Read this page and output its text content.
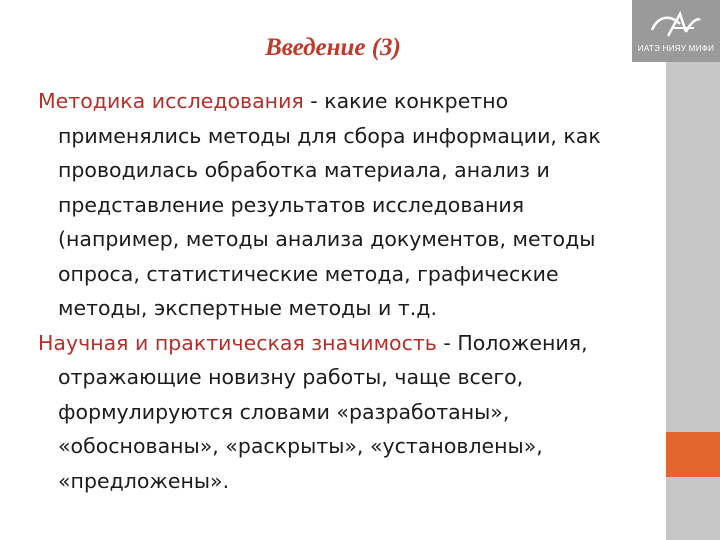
ИАТЭ НИЯУ МИФИ
Введение (3)

Методика исследования - какие конкретно применялись методы для сбора информации, как проводилась обработка материала, анализ и представление результатов исследования (например, методы анализа документов, методы опроса, статистические метода, графические методы, экспертные методы и т.д.

Научная и практическая значимость - Положения, отражающие новизну работы, чаще всего, формулируются словами «разработаны», «обоснованы», «раскрыты», «установлены», «предложены».
